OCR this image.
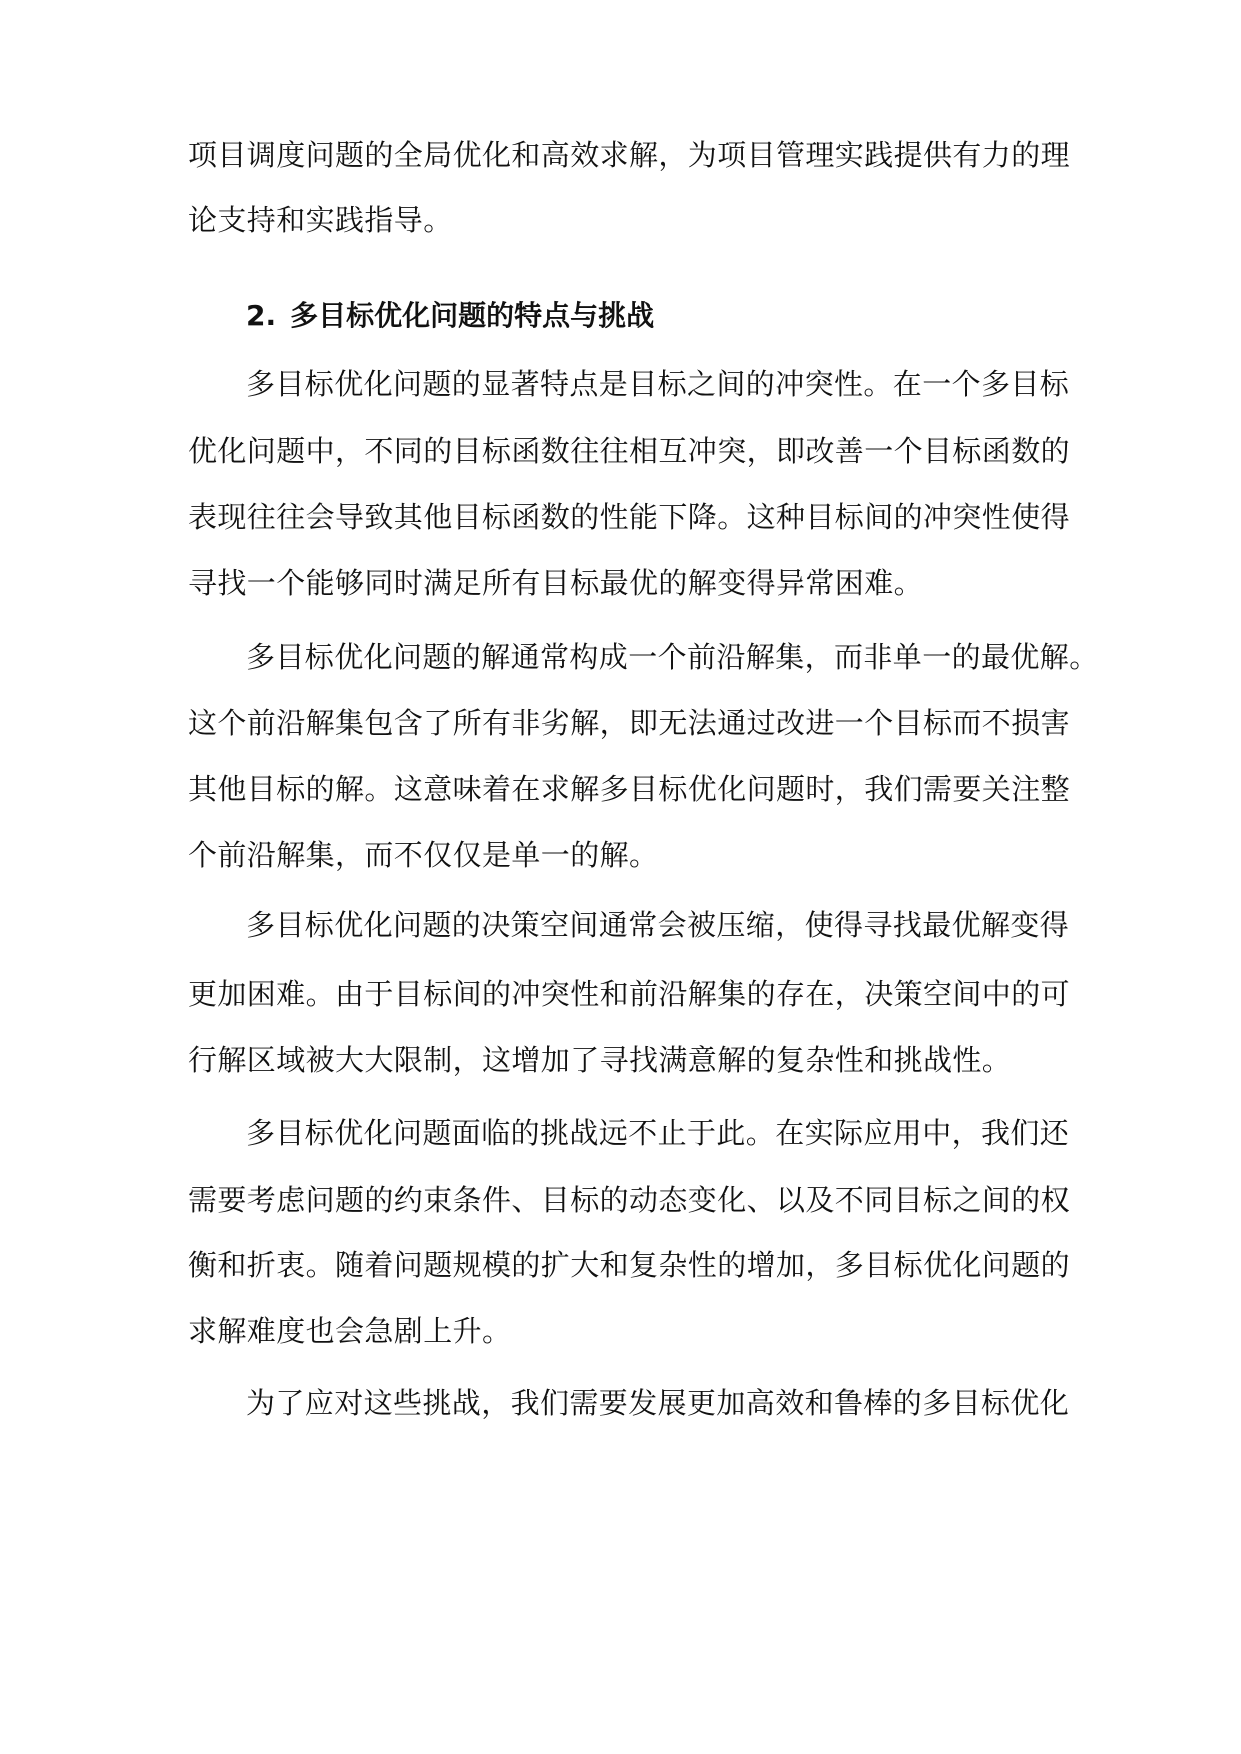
项目调度问题的全局优化和高效求解，为项目管理实践提供有力的理

论支持和实践指导。

2. 多目标优化问题的特点与挑战

多目标优化问题的显著特点是目标之间的冲突性。在一个多目标

优化问题中，不同的目标函数往往相互冲突，即改善一个目标函数的

表现往往会导致其他目标函数的性能下降。这种目标间的冲突性使得

寻找一个能够同时满足所有目标最优的解变得异常困难。

多目标优化问题的解通常构成一个前沿解集，而非单一的最优解。

这个前沿解集包含了所有非劣解，即无法通过改进一个目标而不损害

其他目标的解。这意味着在求解多目标优化问题时，我们需要关注整

个前沿解集，而不仅仅是单一的解。

多目标优化问题的决策空间通常会被压缩，使得寻找最优解变得

更加困难。由于目标间的冲突性和前沿解集的存在，决策空间中的可

行解区域被大大限制，这增加了寻找满意解的复杂性和挑战性。

多目标优化问题面临的挑战远不止于此。在实际应用中，我们还

需要考虑问题的约束条件、目标的动态变化、以及不同目标之间的权

衡和折衷。随着问题规模的扩大和复杂性的增加，多目标优化问题的

求解难度也会急剧上升。

为了应对这些挑战，我们需要发展更加高效和鲁棒的多目标优化
